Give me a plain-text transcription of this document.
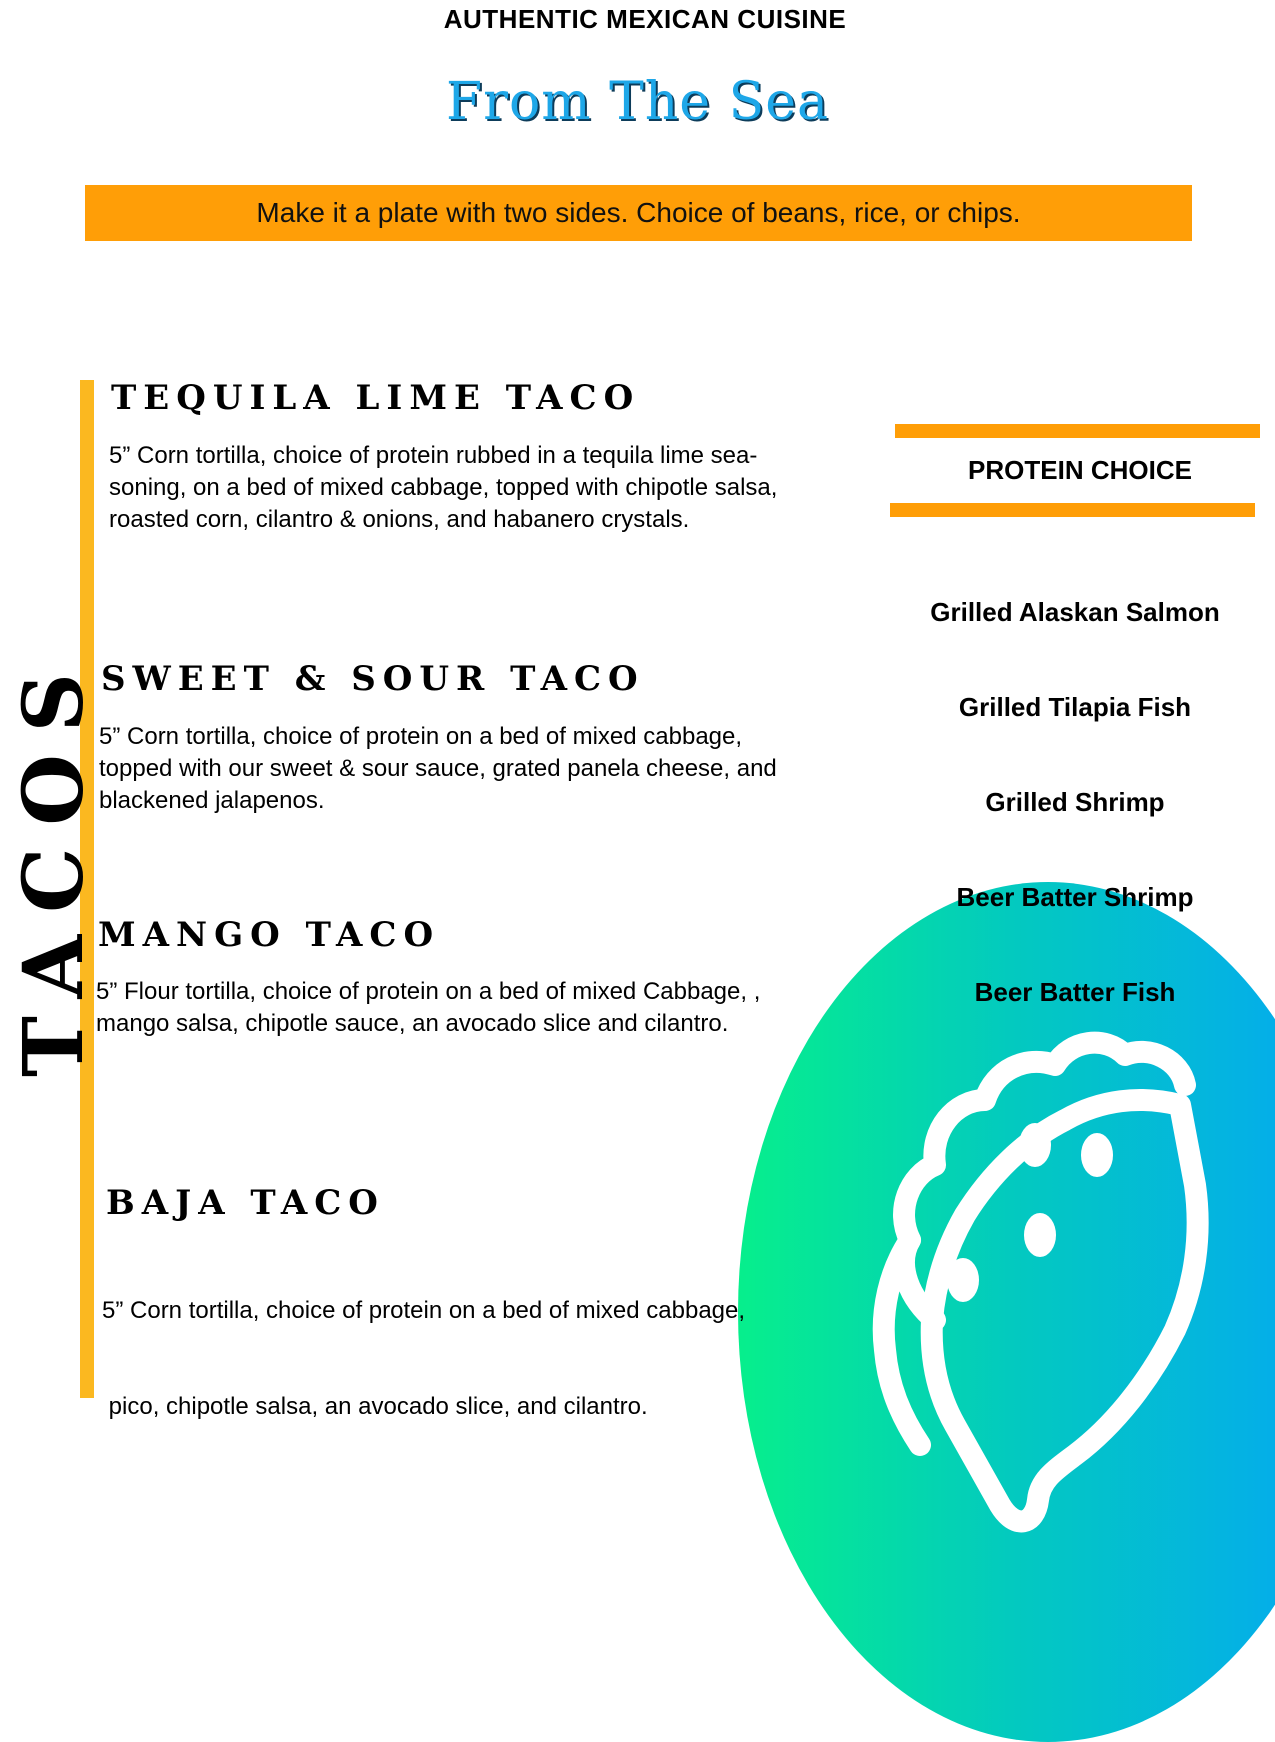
AUTHENTIC MEXICAN CUISINE
From The Sea
Make it a plate with two sides. Choice of beans, rice, or chips.
TACOS
TEQUILA LIME TACO
5” Corn tortilla, choice of protein rubbed in a tequila lime sea-
soning, on a bed of mixed cabbage, topped with chipotle salsa,
roasted corn, cilantro & onions, and habanero crystals.
SWEET & SOUR TACO
5” Corn tortilla, choice of protein on a bed of mixed cabbage,
topped with our sweet & sour sauce, grated panela cheese, and
blackened jalapenos.
MANGO TACO
5” Flour tortilla, choice of protein on a bed of mixed Cabbage, ,
mango salsa, chipotle sauce, an avocado slice and cilantro.
BAJA TACO

5” Corn tortilla, choice of protein on a bed of mixed cabbage,

pico, chipotle salsa, an avocado slice, and cilantro.

PROTEIN CHOICE
Grilled Alaskan Salmon
Grilled Tilapia Fish
Grilled Shrimp
Beer Batter Shrimp
Beer Batter Fish
